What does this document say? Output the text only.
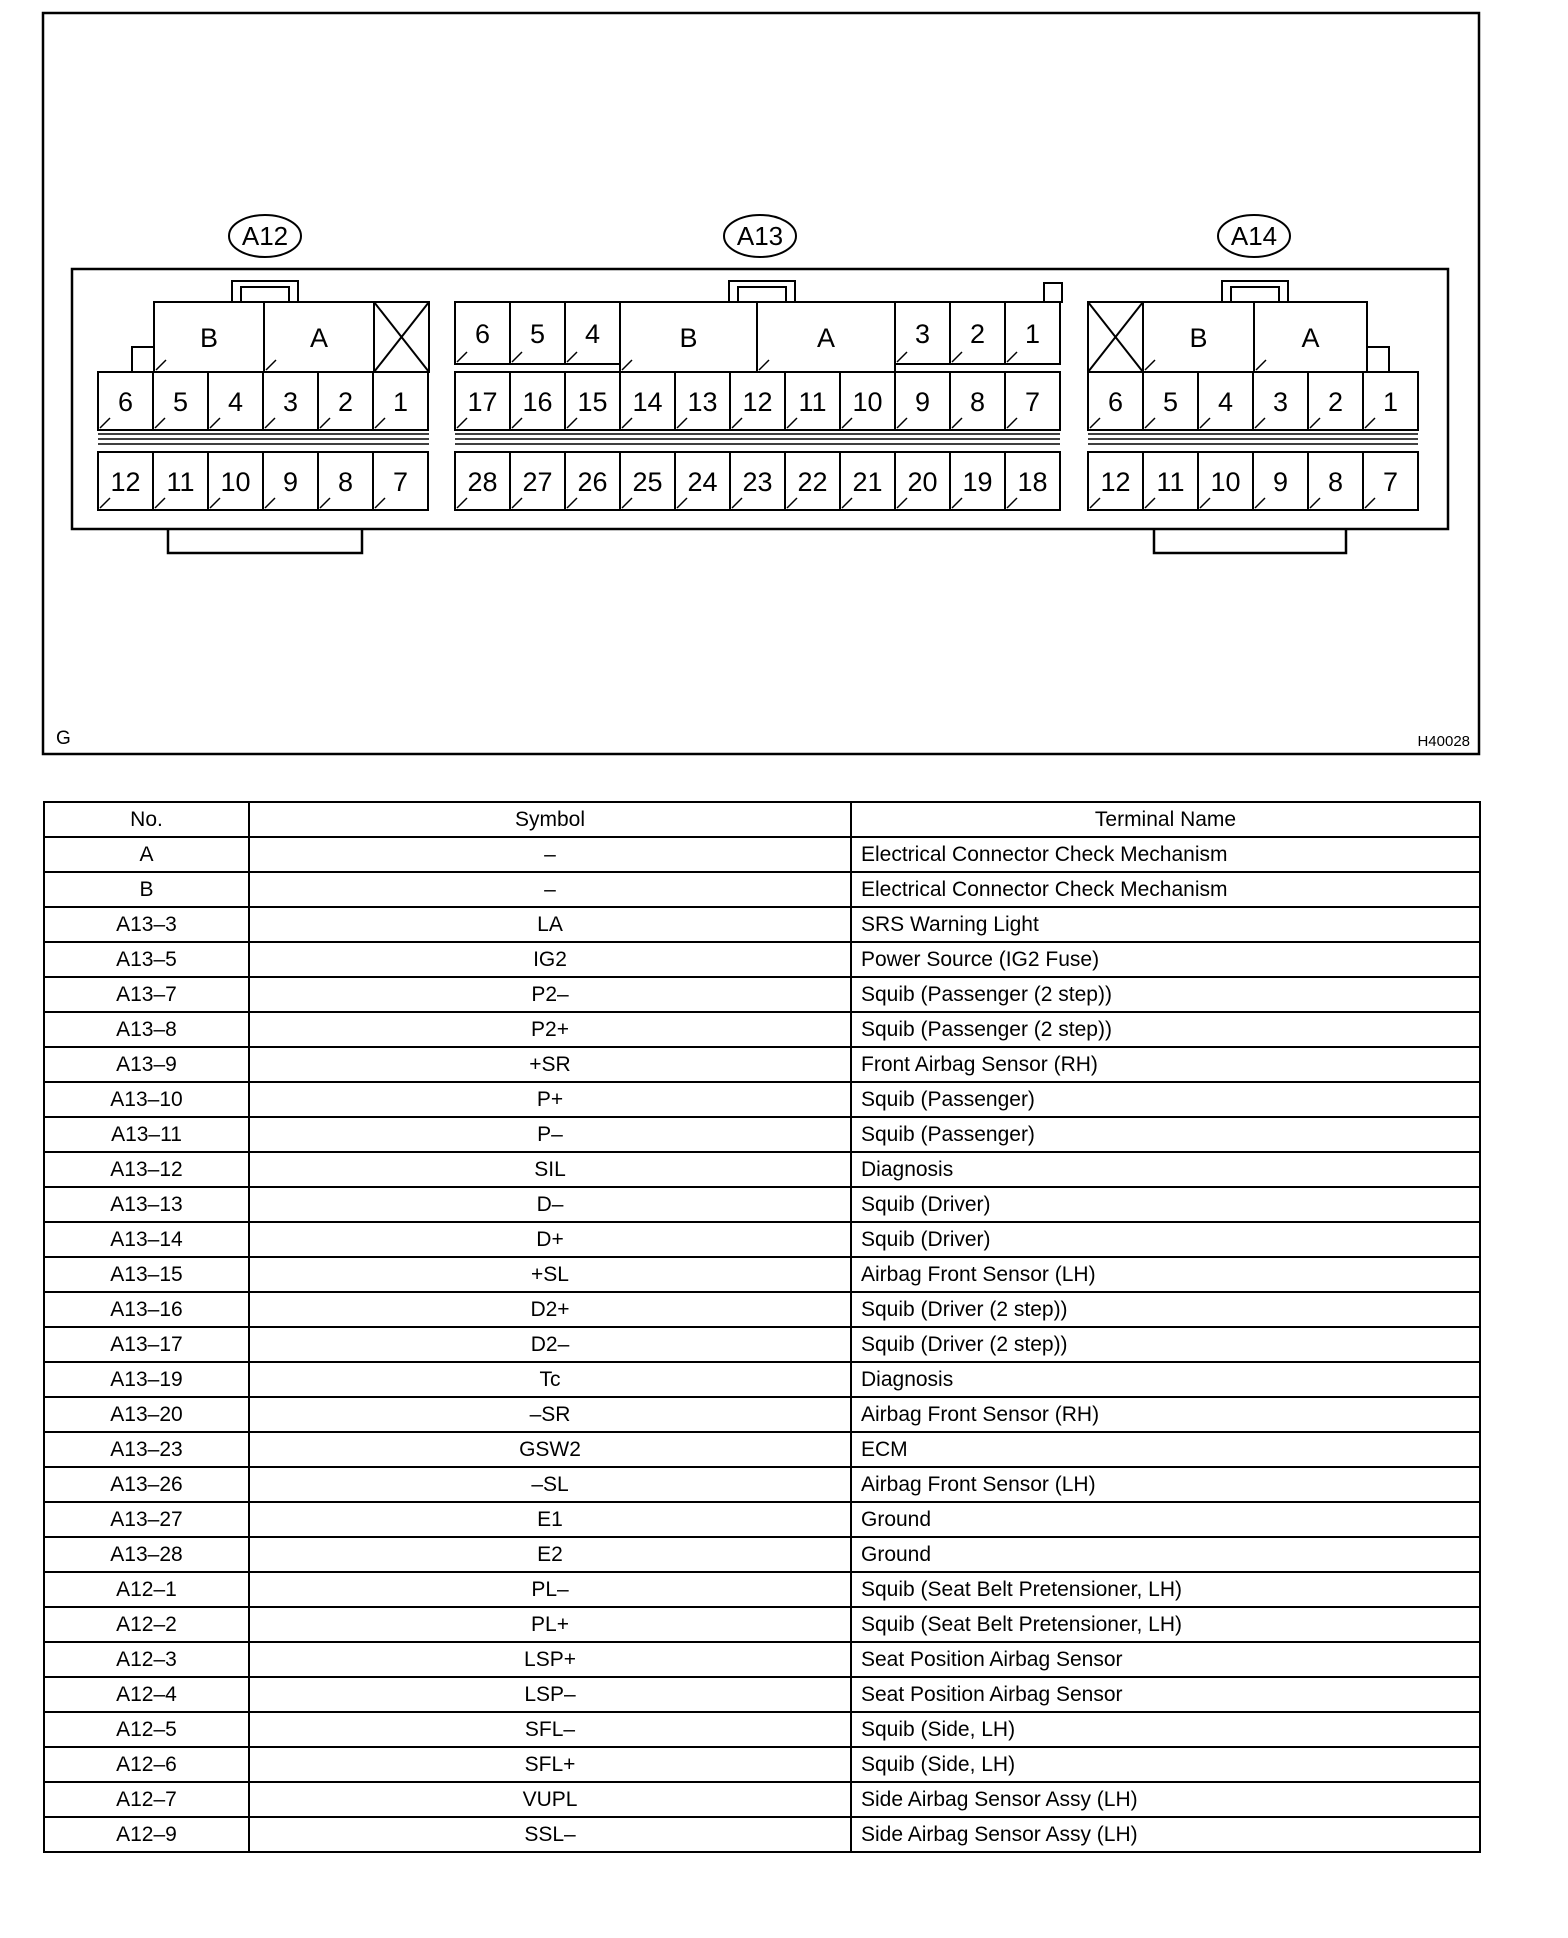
A12	A13	A14
B	A
6
12
5
11
4
10
3
9
2
8
1
7
6 5 4	B	A	3 2 1
17
28
16
27
15
26
14
25
13
24
12
23
11
22
10
21
9
20
8
19
7
18
B	A
6
12
5
11
4
10
3
9
2
8
1
7
G	H40028
No.	Symbol	Terminal Name
A	–	Electrical Connector Check Mechanism
B	–	Electrical Connector Check Mechanism
A13–3	LA	SRS Warning Light
A13–5	IG2	Power Source (IG2 Fuse)
A13–7	P2–	Squib (Passenger (2 step))
A13–8	P2+	Squib (Passenger (2 step))
A13–9	+SR	Front Airbag Sensor (RH)
A13–10	P+	Squib (Passenger)
A13–11	P–	Squib (Passenger)
A13–12	SIL	Diagnosis
A13–13	D–	Squib (Driver)
A13–14	D+	Squib (Driver)
A13–15	+SL	Airbag Front Sensor (LH)
A13–16	D2+	Squib (Driver (2 step))
A13–17	D2–	Squib (Driver (2 step))
A13–19	Tc	Diagnosis
A13–20	–SR	Airbag Front Sensor (RH)
A13–23	GSW2	ECM
A13–26	–SL	Airbag Front Sensor (LH)
A13–27	E1	Ground
A13–28	E2	Ground
A12–1	PL–	Squib (Seat Belt Pretensioner, LH)
A12–2	PL+	Squib (Seat Belt Pretensioner, LH)
A12–3	LSP+	Seat Position Airbag Sensor
A12–4	LSP–	Seat Position Airbag Sensor
A12–5	SFL–	Squib (Side, LH)
A12–6	SFL+	Squib (Side, LH)
A12–7	VUPL	Side Airbag Sensor Assy (LH)
A12–9	SSL–	Side Airbag Sensor Assy (LH)
